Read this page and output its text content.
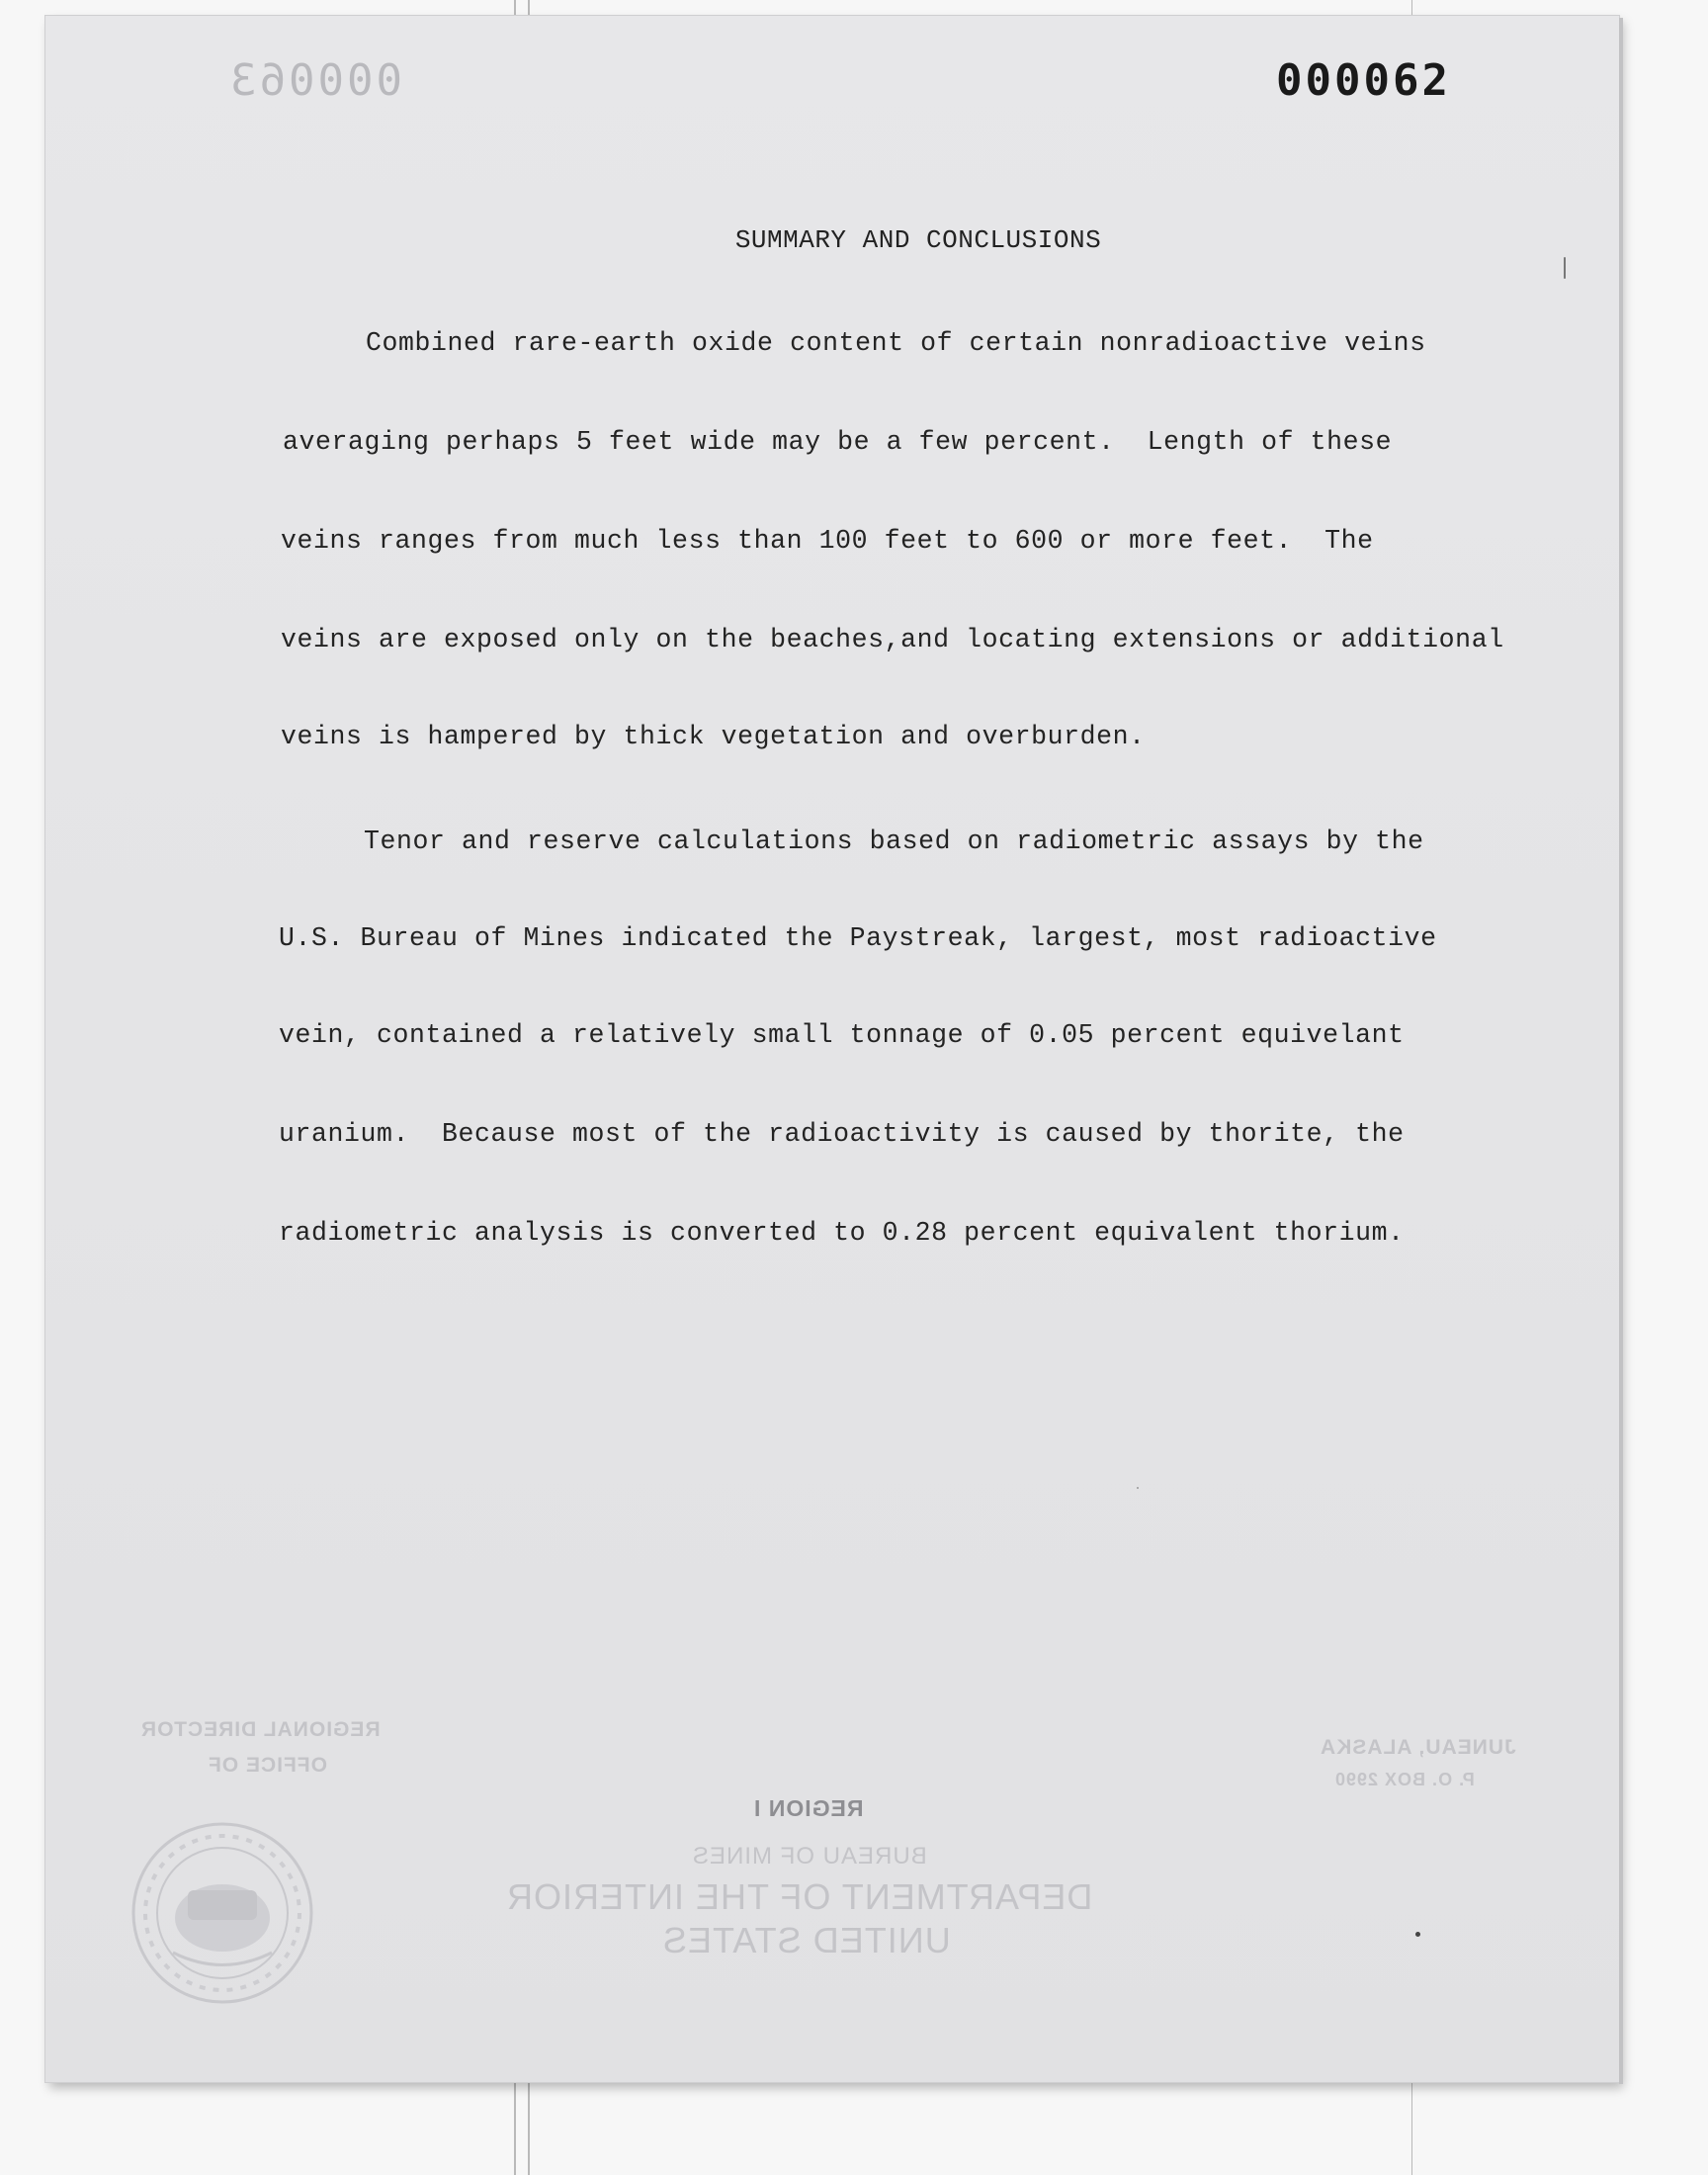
000063	000062
SUMMARY AND CONCLUSIONS
Combined rare-earth oxide content of certain nonradioactive veins
averaging perhaps 5 feet wide may be a few percent.  Length of these
veins ranges from much less than 100 feet to 600 or more feet.  The
veins are exposed only on the beaches,and locating extensions or additional
veins is hampered by thick vegetation and overburden.
Tenor and reserve calculations based on radiometric assays by the
U.S. Bureau of Mines indicated the Paystreak, largest, most radioactive
vein, contained a relatively small tonnage of 0.05 percent equivelant
uranium.  Because most of the radioactivity is caused by thorite, the
radiometric analysis is converted to 0.28 percent equivalent thorium.
REGIONAL DIRECTOR
OFFICE OF
JUNEAU, ALASKA
P. O. BOX 2990
REGION I
BUREAU OF MINES
DEPARTMENT OF THE INTERIOR
UNITED STATES
